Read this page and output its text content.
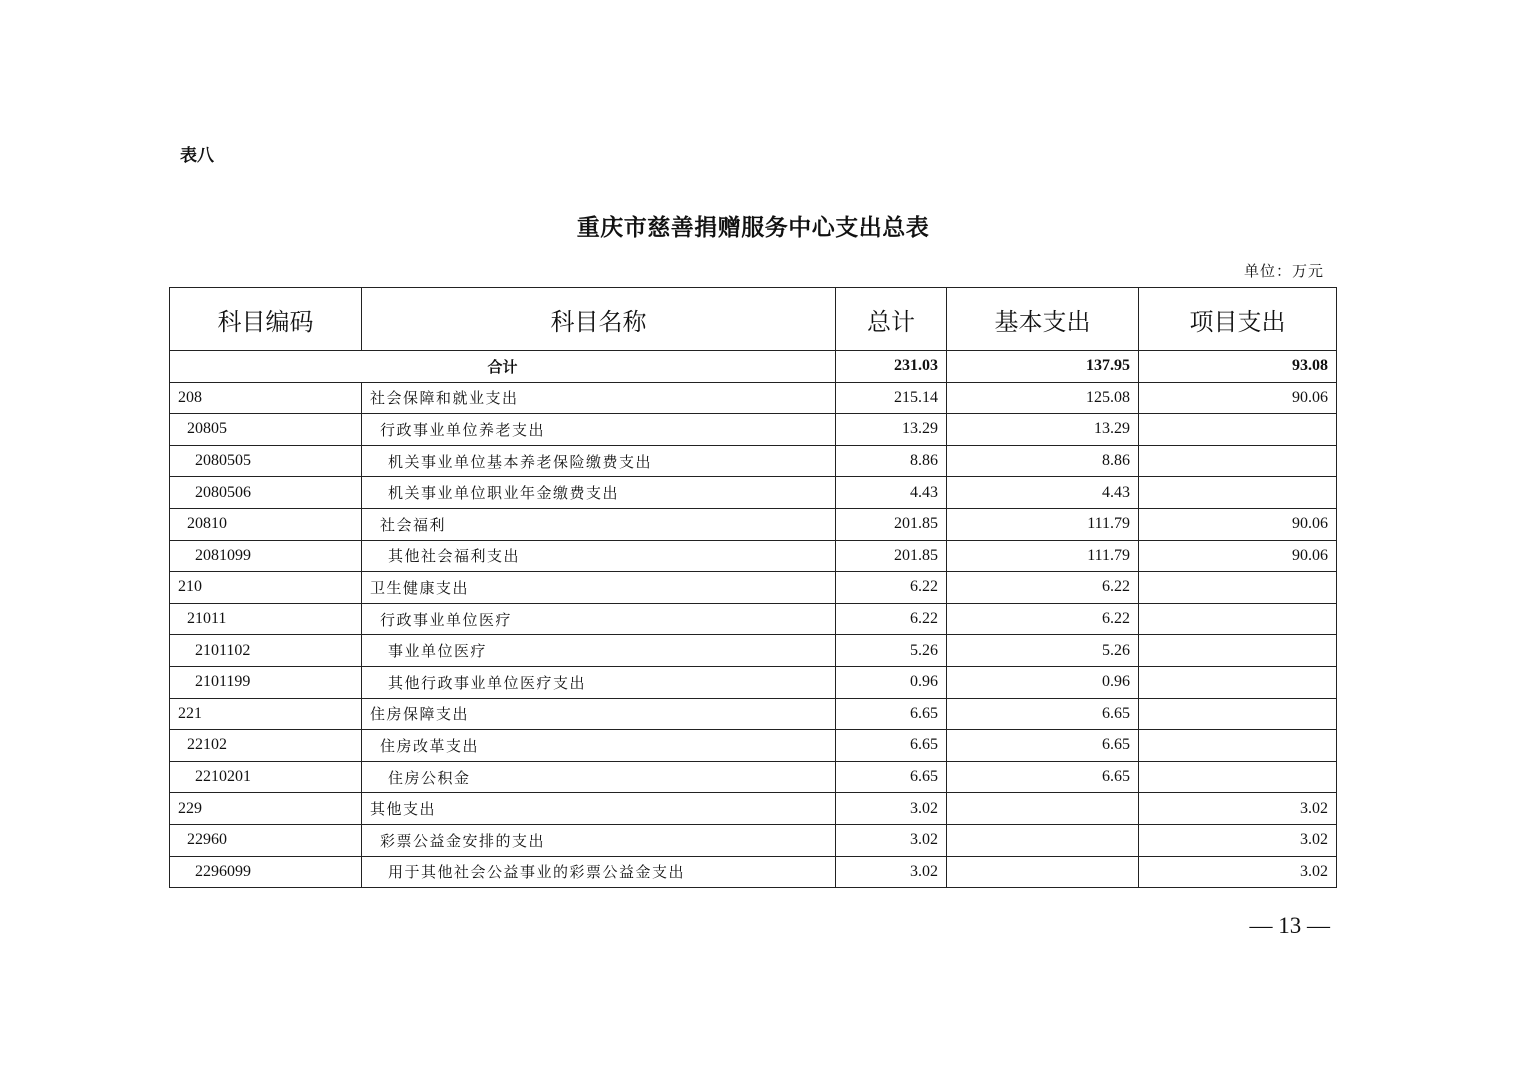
表八
重庆市慈善捐赠服务中心支出总表
单位：万元
科目编码	科目名称	总计	基本支出	项目支出
合计		231.03	137.95	93.08
208	社会保障和就业支出	215.14	125.08	90.06
20805	行政事业单位养老支出	13.29	13.29	
2080505	机关事业单位基本养老保险缴费支出	8.86	8.86	
2080506	机关事业单位职业年金缴费支出	4.43	4.43	
20810	社会福利	201.85	111.79	90.06
2081099	其他社会福利支出	201.85	111.79	90.06
210	卫生健康支出	6.22	6.22	
21011	行政事业单位医疗	6.22	6.22	
2101102	事业单位医疗	5.26	5.26	
2101199	其他行政事业单位医疗支出	0.96	0.96	
221	住房保障支出	6.65	6.65	
22102	住房改革支出	6.65	6.65	
2210201	住房公积金	6.65	6.65	
229	其他支出	3.02		3.02
22960	彩票公益金安排的支出	3.02		3.02
2296099	用于其他社会公益事业的彩票公益金支出	3.02		3.02
— 13 —
